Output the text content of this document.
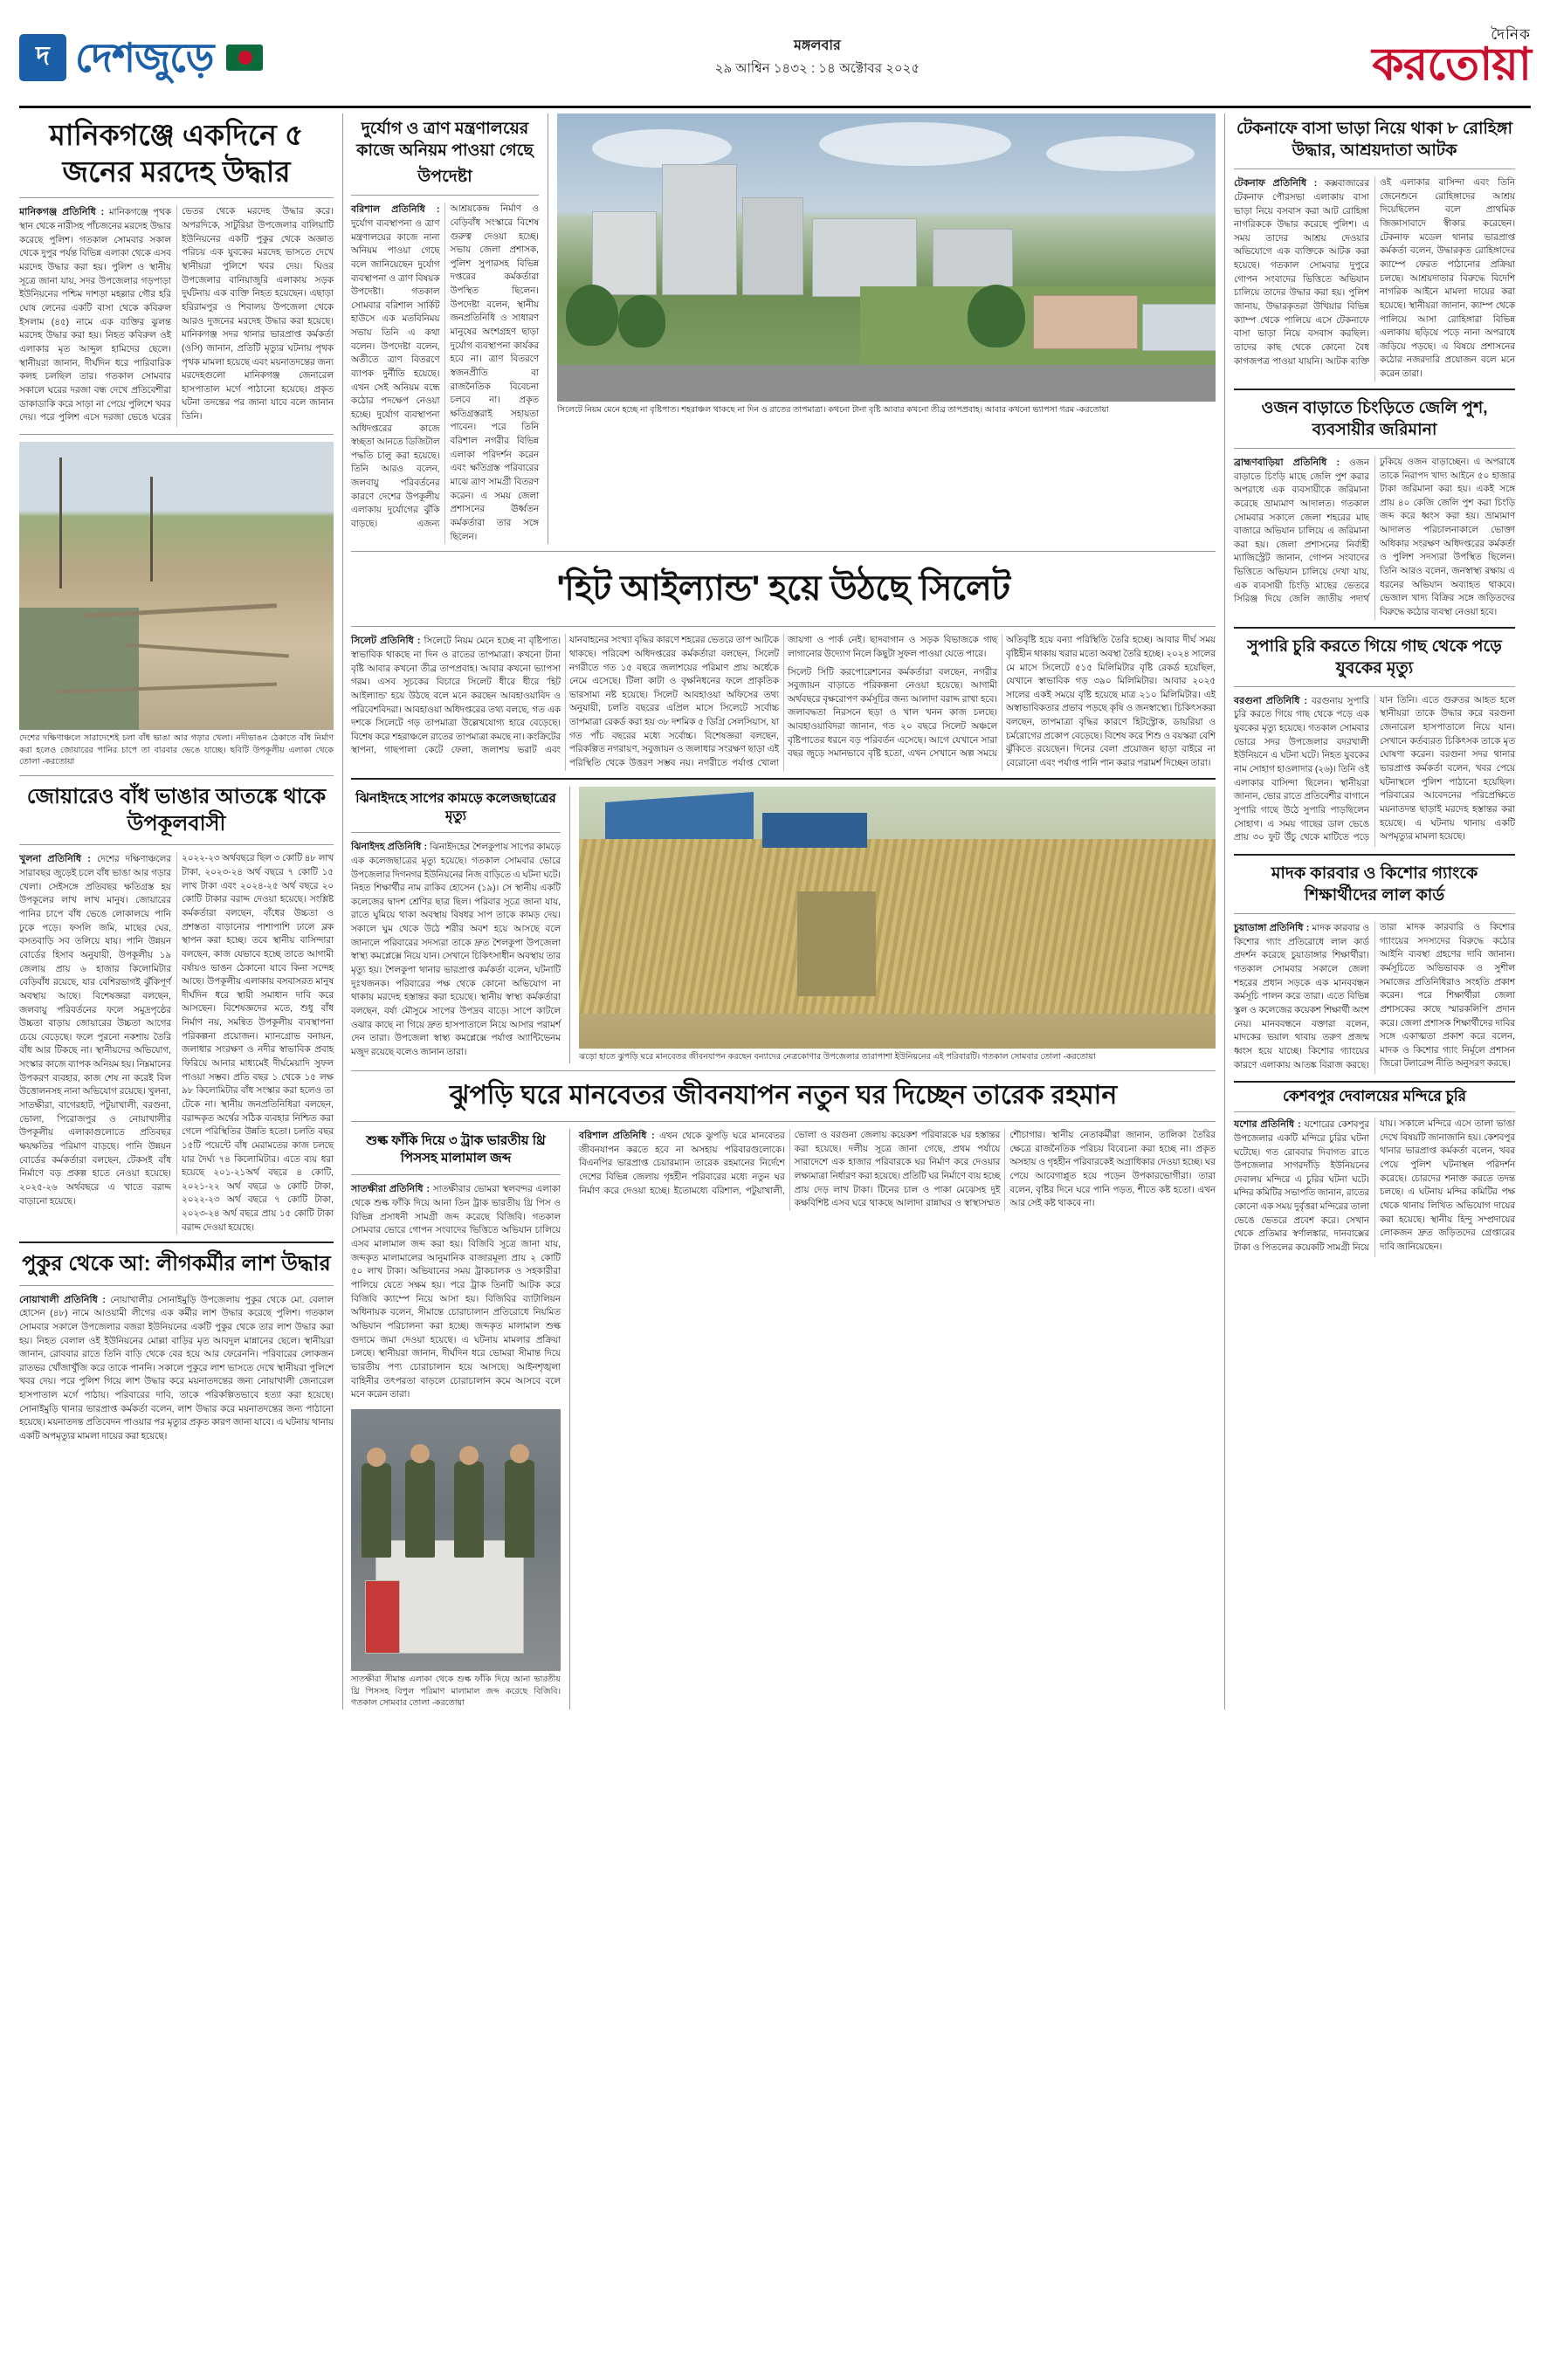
দ দেশজুড়ে	মঙ্গলবার
২৯ আশ্বিন ১৪৩২ : ১৪ অক্টোবর ২০২৫
দৈনিক
করতোয়া
মানিকগঞ্জে একদিনে ৫ জনের মরদেহ উদ্ধার

মানিকগঞ্জ প্রতিনিধি : মানিকগঞ্জে পৃথক স্থান থেকে নারীসহ পাঁচজনের মরদেহ উদ্ধার করেছে পুলিশ। গতকাল সোমবার সকাল থেকে দুপুর পর্যন্ত বিভিন্ন এলাকা থেকে এসব মরদেহ উদ্ধার করা হয়। পুলিশ ও স্থানীয় সূত্রে জানা যায়, সদর উপজেলার গড়পাড়া ইউনিয়নের পশ্চিম দাশড়া মহল্লার গৌর হরি ঘোষ লেনের একটি বাসা থেকে কবিরুল ইসলাম (৪৫) নামে এক ব্যক্তির ঝুলন্ত মরদেহ উদ্ধার করা হয়। নিহত কবিরুল ওই এলাকার মৃত আব্দুল হামিদের ছেলে। স্থানীয়রা জানান, দীর্ঘদিন ধরে পারিবারিক কলহ চলছিল তার। গতকাল সোমবার সকালে ঘরের দরজা বন্ধ দেখে প্রতিবেশীরা ডাকাডাকি করে সাড়া না পেয়ে পুলিশে খবর দেয়। পরে পুলিশ এসে দরজা ভেঙে ঘরের ভেতর থেকে মরদেহ উদ্ধার করে। অপরদিকে, সাটুরিয়া উপজেলার বালিয়াটি ইউনিয়নের একটি পুকুর থেকে অজ্ঞাত পরিচয় এক যুবকের মরদেহ ভাসতে দেখে স্থানীয়রা পুলিশে খবর দেয়। ঘিওর উপজেলার বানিয়াজুরি এলাকায় সড়ক দুর্ঘটনায় এক ব্যক্তি নিহত হয়েছেন। এছাড়া হরিরামপুর ও শিবালয় উপজেলা থেকে আরও দুজনের মরদেহ উদ্ধার করা হয়েছে। মানিকগঞ্জ সদর থানার ভারপ্রাপ্ত কর্মকর্তা (ওসি) জানান, প্রতিটি মৃত্যুর ঘটনায় পৃথক পৃথক মামলা হয়েছে এবং ময়নাতদন্তের জন্য মরদেহগুলো মানিকগঞ্জ জেনারেল হাসপাতাল মর্গে পাঠানো হয়েছে। প্রকৃত ঘটনা তদন্তের পর জানা যাবে বলে জানান তিনি।

দেশের দক্ষিণাঞ্চলে সারাদেশেই চলা বাঁধ ভাঙা আর গড়ার খেলা। নদীভাঙন ঠেকাতে বাঁধ নির্মাণ করা হলেও জোয়ারের পানির চাপে তা বারবার ভেঙে যাচ্ছে। ছবিটি উপকূলীয় এলাকা থেকে তোলা -করতোয়া
জোয়ারেও বাঁধ ভাঙার আতঙ্কে থাকে উপকূলবাসী

খুলনা প্রতিনিধি : দেশের দক্ষিণাঞ্চলের সারাবছর জুড়েই চলে বাঁধ ভাঙা আর গড়ার খেলা। সেইসঙ্গে প্রতিবছর ক্ষতিগ্রস্ত হয় উপকূলের লাখ লাখ মানুষ। জোয়ারের পানির চাপে বাঁধ ভেঙে লোকালয়ে পানি ঢুকে পড়ে। ফসলি জমি, মাছের ঘের, বসতবাড়ি সব তলিয়ে যায়। পানি উন্নয়ন বোর্ডের হিসাব অনুযায়ী, উপকূলীয় ১৯ জেলায় প্রায় ৬ হাজার কিলোমিটার বেড়িবাঁধ রয়েছে, যার বেশিরভাগই ঝুঁকিপূর্ণ অবস্থায় আছে। বিশেষজ্ঞরা বলছেন, জলবায়ু পরিবর্তনের ফলে সমুদ্রপৃষ্ঠের উচ্চতা বাড়ায় জোয়ারের উচ্চতা আগের চেয়ে বেড়েছে। ফলে পুরনো নকশায় তৈরি বাঁধ আর টিকছে না। স্থানীয়দের অভিযোগ, সংস্কার কাজে ব্যাপক অনিয়ম হয়। নিম্নমানের উপকরণ ব্যবহার, কাজ শেষ না করেই বিল উত্তোলনসহ নানা অভিযোগ রয়েছে। খুলনা, সাতক্ষীরা, বাগেরহাট, পটুয়াখালী, বরগুনা, ভোলা, পিরোজপুর ও নোয়াখালীর উপকূলীয় এলাকাগুলোতে প্রতিবছর ক্ষয়ক্ষতির পরিমাণ বাড়ছে। পানি উন্নয়ন বোর্ডের কর্মকর্তারা বলছেন, টেকসই বাঁধ নির্মাণে বড় প্রকল্প হাতে নেওয়া হয়েছে। ২০২৫-২৬ অর্থবছরে এ খাতে বরাদ্দ বাড়ানো হয়েছে।

২০২২-২৩ অর্থবছরে ছিল ৩ কোটি ৪৮ লাখ টাকা, ২০২৩-২৪ অর্থ বছরে ৭ কোটি ১৫ লাখ টাকা এবং ২০২৪-২৫ অর্থ বছরে ২০ কোটি টাকার বরাদ্দ দেওয়া হয়েছে। সংশ্লিষ্ট কর্মকর্তারা বলছেন, বাঁধের উচ্চতা ও প্রশস্ততা বাড়ানোর পাশাপাশি ঢালে ব্লক স্থাপন করা হচ্ছে। তবে স্থানীয় বাসিন্দারা বলছেন, কাজ যেভাবে হচ্ছে তাতে আগামী বর্ষায়ও ভাঙন ঠেকানো যাবে কিনা সন্দেহ আছে। উপকূলীয় এলাকায় বসবাসরত মানুষ দীর্ঘদিন ধরে স্থায়ী সমাধান দাবি করে আসছেন। বিশেষজ্ঞদের মতে, শুধু বাঁধ নির্মাণ নয়, সমন্বিত উপকূলীয় ব্যবস্থাপনা পরিকল্পনা প্রয়োজন। ম্যানগ্রোভ বনায়ন, জলাধার সংরক্ষণ ও নদীর স্বাভাবিক প্রবাহ ফিরিয়ে আনার মাধ্যমেই দীর্ঘমেয়াদি সুফল পাওয়া সম্ভব। প্রতি বছর ১ থেকে ১৫ লক্ষ ৯৮ কিলোমিটার বাঁধ সংস্কার করা হলেও তা টেকে না। স্থানীয় জনপ্রতিনিধিরা বলছেন, বরাদ্দকৃত অর্থের সঠিক ব্যবহার নিশ্চিত করা গেলে পরিস্থিতির উন্নতি হতো। চলতি বছর ১৫টি পয়েন্টে বাঁধ মেরামতের কাজ চলছে যার দৈর্ঘ্য ৭৪ কিলোমিটার। এতে ব্যয় ধরা হয়েছে ২০১-২১অর্থ বছরে ৪ কোটি, ২০২১-২২ অর্থ বছরে ৬ কোটি টাকা, ২০২২-২৩ অর্থ বছরে ৭ কোটি টাকা, ২০২৩-২৪ অর্থ বছরে প্রায় ১৫ কোটি টাকা বরাদ্দ দেওয়া হয়েছে।

পুকুর থেকে আ: লীগকর্মীর লাশ উদ্ধার

নোয়াখালী প্রতিনিধি : নোয়াখালীর সোনাইমুড়ি উপজেলায় পুকুর থেকে মো. বেলাল হোসেন (৪৮) নামে আওয়ামী লীগের এক কর্মীর লাশ উদ্ধার করেছে পুলিশ। গতকাল সোমবার সকালে উপজেলার বজরা ইউনিয়নের একটি পুকুর থেকে তার লাশ উদ্ধার করা হয়। নিহত বেলাল ওই ইউনিয়নের মোল্লা বাড়ির মৃত আবদুল মান্নানের ছেলে। স্থানীয়রা জানান, রোববার রাতে তিনি বাড়ি থেকে বের হয়ে আর ফেরেননি। পরিবারের লোকজন রাতভর খোঁজাখুঁজি করে তাকে পাননি। সকালে পুকুরে লাশ ভাসতে দেখে স্থানীয়রা পুলিশে খবর দেয়। পরে পুলিশ গিয়ে লাশ উদ্ধার করে ময়নাতদন্তের জন্য নোয়াখালী জেনারেল হাসপাতাল মর্গে পাঠায়। পরিবারের দাবি, তাকে পরিকল্পিতভাবে হত্যা করা হয়েছে। সোনাইমুড়ি থানার ভারপ্রাপ্ত কর্মকর্তা বলেন, লাশ উদ্ধার করে ময়নাতদন্তের জন্য পাঠানো হয়েছে। ময়নাতদন্ত প্রতিবেদন পাওয়ার পর মৃত্যুর প্রকৃত কারণ জানা যাবে। এ ঘটনায় থানায় একটি অপমৃত্যুর মামলা দায়ের করা হয়েছে।

দুর্যোগ ও ত্রাণ মন্ত্রণালয়ের কাজে অনিয়ম পাওয়া গেছে
উপদেষ্টা

বরিশাল প্রতিনিধি : দুর্যোগ ব্যবস্থাপনা ও ত্রাণ মন্ত্রণালয়ের কাজে নানা অনিয়ম পাওয়া গেছে বলে জানিয়েছেন দুর্যোগ ব্যবস্থাপনা ও ত্রাণ বিষয়ক উপদেষ্টা। গতকাল সোমবার বরিশাল সার্কিট হাউসে এক মতবিনিময় সভায় তিনি এ কথা বলেন। উপদেষ্টা বলেন, অতীতে ত্রাণ বিতরণে ব্যাপক দুর্নীতি হয়েছে। এখন সেই অনিয়ম বন্ধে কঠোর পদক্ষেপ নেওয়া হচ্ছে। দুর্যোগ ব্যবস্থাপনা অধিদপ্তরের কাজে স্বচ্ছতা আনতে ডিজিটাল পদ্ধতি চালু করা হয়েছে। তিনি আরও বলেন, জলবায়ু পরিবর্তনের কারণে দেশের উপকূলীয় এলাকায় দুর্যোগের ঝুঁকি বাড়ছে। এজন্য আশ্রয়কেন্দ্র নির্মাণ ও বেড়িবাঁধ সংস্কারে বিশেষ গুরুত্ব দেওয়া হচ্ছে। সভায় জেলা প্রশাসক, পুলিশ সুপারসহ বিভিন্ন দপ্তরের কর্মকর্তারা উপস্থিত ছিলেন। উপদেষ্টা বলেন, স্থানীয় জনপ্রতিনিধি ও সাধারণ মানুষের অংশগ্রহণ ছাড়া দুর্যোগ ব্যবস্থাপনা কার্যকর হবে না। ত্রাণ বিতরণে স্বজনপ্রীতি বা রাজনৈতিক বিবেচনা চলবে না। প্রকৃত ক্ষতিগ্রস্তরাই সহায়তা পাবেন। পরে তিনি বরিশাল নগরীর বিভিন্ন এলাকা পরিদর্শন করেন এবং ক্ষতিগ্রস্ত পরিবারের মাঝে ত্রাণ সামগ্রী বিতরণ করেন। এ সময় জেলা প্রশাসনের ঊর্ধ্বতন কর্মকর্তারা তার সঙ্গে ছিলেন।

সিলেটে নিয়ম মেনে হচ্ছে না বৃষ্টিপাত। শহরাঞ্চল থাকছে না দিন ও রাতের তাপমাত্রা। কথনো টানা বৃষ্টি আবার কখনো তীব্র তাপপ্রবাহ। আবার কখনো ভ্যাপসা গরম -করতোয়া
'হিট আইল্যান্ড' হয়ে উঠছে সিলেট

সিলেট প্রতিনিধি : সিলেটে নিয়ম মেনে হচ্ছে না বৃষ্টিপাত। স্বাভাবিক থাকছে না দিন ও রাতের তাপমাত্রা। কখনো টানা বৃষ্টি আবার কখনো তীব্র তাপপ্রবাহ। আবার কখনো ভ্যাপসা গরম। এসব সূচকের বিচারে সিলেট ধীরে ধীরে 'হিট আইল্যান্ড' হয়ে উঠছে বলে মনে করছেন আবহাওয়াবিদ ও পরিবেশবিদরা। আবহাওয়া অধিদপ্তরের তথ্য বলছে, গত এক দশকে সিলেটে গড় তাপমাত্রা উল্লেখযোগ্য হারে বেড়েছে। বিশেষ করে শহরাঞ্চলে রাতের তাপমাত্রা কমছে না। কংক্রিটের স্থাপনা, গাছপালা কেটে ফেলা, জলাশয় ভরাট এবং যানবাহনের সংখ্যা বৃদ্ধির কারণে শহরের ভেতরে তাপ আটকে থাকছে। পরিবেশ অধিদপ্তরের কর্মকর্তারা বলছেন, সিলেট নগরীতে গত ১৫ বছরে জলাশয়ের পরিমাণ প্রায় অর্ধেকে নেমে এসেছে। টিলা কাটা ও বৃক্ষনিধনের ফলে প্রাকৃতিক ভারসাম্য নষ্ট হয়েছে। সিলেট আবহাওয়া অফিসের তথ্য অনুযায়ী, চলতি বছরের এপ্রিল মাসে সিলেটে সর্বোচ্চ তাপমাত্রা রেকর্ড করা হয় ৩৮ দশমিক ৫ ডিগ্রি সেলসিয়াস, যা গত পাঁচ বছরের মধ্যে সর্বোচ্চ। বিশেষজ্ঞরা বলছেন, পরিকল্পিত নগরায়ণ, সবুজায়ন ও জলাধার সংরক্ষণ ছাড়া এই পরিস্থিতি থেকে উত্তরণ সম্ভব নয়। নগরীতে পর্যাপ্ত খোলা জায়গা ও পার্ক নেই। ছাদবাগান ও সড়ক বিভাজকে গাছ লাগানোর উদ্যোগ নিলে কিছুটা সুফল পাওয়া যেতে পারে।

সিলেট সিটি করপোরেশনের কর্মকর্তারা বলছেন, নগরীর সবুজায়ন বাড়াতে পরিকল্পনা নেওয়া হয়েছে। আগামী অর্থবছরে বৃক্ষরোপণ কর্মসূচির জন্য আলাদা বরাদ্দ রাখা হবে। জলাবদ্ধতা নিরসনে ছড়া ও খাল খনন কাজ চলছে। আবহাওয়াবিদরা জানান, গত ২০ বছরে সিলেট অঞ্চলে বৃষ্টিপাতের ধরনে বড় পরিবর্তন এসেছে। আগে যেখানে সারা বছর জুড়ে সমানভাবে বৃষ্টি হতো, এখন সেখানে অল্প সময়ে অতিবৃষ্টি হয়ে বন্যা পরিস্থিতি তৈরি হচ্ছে। আবার দীর্ঘ সময় বৃষ্টিহীন থাকায় খরার মতো অবস্থা তৈরি হচ্ছে। ২০২৪ সালের মে মাসে সিলেটে ৫১৫ মিলিমিটার বৃষ্টি রেকর্ড হয়েছিল, যেখানে স্বাভাবিক গড় ৩৯০ মিলিমিটার। আবার ২০২৫ সালের একই সময়ে বৃষ্টি হয়েছে মাত্র ২১০ মিলিমিটার। এই অস্বাভাবিকতার প্রভাব পড়ছে কৃষি ও জনস্বাস্থ্যে। চিকিৎসকরা বলছেন, তাপমাত্রা বৃদ্ধির কারণে হিটস্ট্রোক, ডায়রিয়া ও চর্মরোগের প্রকোপ বেড়েছে। বিশেষ করে শিশু ও বয়স্করা বেশি ঝুঁকিতে রয়েছেন। দিনের বেলা প্রয়োজন ছাড়া বাইরে না বেরোনো এবং পর্যাপ্ত পানি পান করার পরামর্শ দিচ্ছেন তারা।

ঝিনাইদহে সাপের কামড়ে কলেজছাত্রের মৃত্যু

ঝিনাইদহ প্রতিনিধি : ঝিনাইদহের শৈলকুপায় সাপের কামড়ে এক কলেজছাত্রের মৃত্যু হয়েছে। গতকাল সোমবার ভোরে উপজেলার দিগনগর ইউনিয়নের নিজ বাড়িতে এ ঘটনা ঘটে। নিহত শিক্ষার্থীর নাম রাকিব হোসেন (১৯)। সে স্থানীয় একটি কলেজের দ্বাদশ শ্রেণির ছাত্র ছিল। পরিবার সূত্রে জানা যায়, রাতে ঘুমিয়ে থাকা অবস্থায় বিষধর সাপ তাকে কামড় দেয়। সকালে ঘুম থেকে উঠে শরীর অবশ হয়ে আসছে বলে জানালে পরিবারের সদস্যরা তাকে দ্রুত শৈলকুপা উপজেলা স্বাস্থ্য কমপ্লেক্সে নিয়ে যান। সেখানে চিকিৎসাধীন অবস্থায় তার মৃত্যু হয়। শৈলকুপা থানার ভারপ্রাপ্ত কর্মকর্তা বলেন, ঘটনাটি দুঃখজনক। পরিবারের পক্ষ থেকে কোনো অভিযোগ না থাকায় মরদেহ হস্তান্তর করা হয়েছে। স্থানীয় স্বাস্থ্য কর্মকর্তারা বলছেন, বর্ষা মৌসুমে সাপের উপদ্রব বাড়ে। সাপে কাটলে ওঝার কাছে না গিয়ে দ্রুত হাসপাতালে নিয়ে আসার পরামর্শ দেন তারা। উপজেলা স্বাস্থ্য কমপ্লেক্সে পর্যাপ্ত অ্যান্টিভেনম মজুদ রয়েছে বলেও জানান তারা।	ঝড়ো হাতে ঝুপড়ি ঘরে মানবেতর জীবনযাপন করছেন বন্যাদের নেত্রকোণার উপজেলার তারাপাশা ইউনিয়নের এই পরিবারটি। গতকাল সোমবার তোলা -করতোয়া
ঝুপড়ি ঘরে মানবেতর জীবনযাপন নতুন ঘর দিচ্ছেন তারেক রহমান
শুল্ক ফাঁকি দিয়ে ৩ ট্রাক ভারতীয় থ্রি পিসসহ মালামাল জব্দ

সাতক্ষীরা প্রতিনিধি : সাতক্ষীরার ভোমরা স্থলবন্দর এলাকা থেকে শুল্ক ফাঁকি দিয়ে আনা তিন ট্রাক ভারতীয় থ্রি পিস ও বিভিন্ন প্রসাধনী সামগ্রী জব্দ করেছে বিজিবি। গতকাল সোমবার ভোরে গোপন সংবাদের ভিত্তিতে অভিযান চালিয়ে এসব মালামাল জব্দ করা হয়। বিজিবি সূত্রে জানা যায়, জব্দকৃত মালামালের আনুমানিক বাজারমূল্য প্রায় ২ কোটি ৫০ লাখ টাকা। অভিযানের সময় ট্রাকচালক ও সহকারীরা পালিয়ে যেতে সক্ষম হয়। পরে ট্রাক তিনটি আটক করে বিজিবি ক্যাম্পে নিয়ে আসা হয়। বিজিবির ব্যাটালিয়ন অধিনায়ক বলেন, সীমান্তে চোরাচালান প্রতিরোধে নিয়মিত অভিযান পরিচালনা করা হচ্ছে। জব্দকৃত মালামাল শুল্ক গুদামে জমা দেওয়া হয়েছে। এ ঘটনায় মামলার প্রক্রিয়া চলছে। স্থানীয়রা জানান, দীর্ঘদিন ধরে ভোমরা সীমান্ত দিয়ে ভারতীয় পণ্য চোরাচালান হয়ে আসছে। আইনশৃঙ্খলা বাহিনীর তৎপরতা বাড়লে চোরাচালান কমে আসবে বলে মনে করেন তারা।

সাতক্ষীরা সীমান্ত এলাকা থেকে শুল্ক ফাঁকি দিয়ে আনা ভারতীয় থ্রি পিসসহ বিপুল পরিমাণ মালামাল জব্দ করেছে বিজিবি। গতকাল সোমবার তোলা -করতোয়া

বরিশাল প্রতিনিধি : এখন থেকে ঝুপড়ি ঘরে মানবেতর জীবনযাপন করতে হবে না অসহায় পরিবারগুলোকে। বিএনপির ভারপ্রাপ্ত চেয়ারম্যান তারেক রহমানের নির্দেশে দেশের বিভিন্ন জেলায় গৃহহীন পরিবারের মধ্যে নতুন ঘর নির্মাণ করে দেওয়া হচ্ছে। ইতোমধ্যে বরিশাল, পটুয়াখালী, ভোলা ও বরগুনা জেলায় কয়েকশ পরিবারকে ঘর হস্তান্তর করা হয়েছে। দলীয় সূত্রে জানা গেছে, প্রথম পর্যায়ে সারাদেশে এক হাজার পরিবারকে ঘর নির্মাণ করে দেওয়ার লক্ষ্যমাত্রা নির্ধারণ করা হয়েছে। প্রতিটি ঘর নির্মাণে ব্যয় হচ্ছে প্রায় দেড় লাখ টাকা। টিনের চাল ও পাকা মেঝেসহ দুই কক্ষবিশিষ্ট এসব ঘরে থাকছে আলাদা রান্নাঘর ও স্বাস্থ্যসম্মত শৌচাগার। স্থানীয় নেতাকর্মীরা জানান, তালিকা তৈরির ক্ষেত্রে রাজনৈতিক পরিচয় বিবেচনা করা হচ্ছে না। প্রকৃত অসহায় ও গৃহহীন পরিবারকেই অগ্রাধিকার দেওয়া হচ্ছে। ঘর পেয়ে আবেগাপ্লুত হয়ে পড়েন উপকারভোগীরা। তারা বলেন, বৃষ্টির দিনে ঘরে পানি পড়ত, শীতে কষ্ট হতো। এখন আর সেই কষ্ট থাকবে না।

টেকনাফে বাসা ভাড়া নিয়ে থাকা ৮ রোহিঙ্গা উদ্ধার, আশ্রয়দাতা আটক

টেকনাফ প্রতিনিধি : কক্সবাজারের টেকনাফ পৌরসভা এলাকায় বাসা ভাড়া নিয়ে বসবাস করা আট রোহিঙ্গা নাগরিককে উদ্ধার করেছে পুলিশ। এ সময় তাদের আশ্রয় দেওয়ার অভিযোগে এক ব্যক্তিকে আটক করা হয়েছে। গতকাল সোমবার দুপুরে গোপন সংবাদের ভিত্তিতে অভিযান চালিয়ে তাদের উদ্ধার করা হয়। পুলিশ জানায়, উদ্ধারকৃতরা উখিয়ার বিভিন্ন ক্যাম্প থেকে পালিয়ে এসে টেকনাফে বাসা ভাড়া নিয়ে বসবাস করছিল। তাদের কাছ থেকে কোনো বৈধ কাগজপত্র পাওয়া যায়নি। আটক ব্যক্তি ওই এলাকার বাসিন্দা এবং তিনি জেনেশুনে রোহিঙ্গাদের আশ্রয় দিয়েছিলেন বলে প্রাথমিক জিজ্ঞাসাবাদে স্বীকার করেছেন। টেকনাফ মডেল থানার ভারপ্রাপ্ত কর্মকর্তা বলেন, উদ্ধারকৃত রোহিঙ্গাদের ক্যাম্পে ফেরত পাঠানোর প্রক্রিয়া চলছে। আশ্রয়দাতার বিরুদ্ধে বিদেশি নাগরিক আইনে মামলা দায়ের করা হয়েছে। স্থানীয়রা জানান, ক্যাম্প থেকে পালিয়ে আসা রোহিঙ্গারা বিভিন্ন এলাকায় ছড়িয়ে পড়ে নানা অপরাধে জড়িয়ে পড়ছে। এ বিষয়ে প্রশাসনের কঠোর নজরদারি প্রয়োজন বলে মনে করেন তারা।

ওজন বাড়াতে চিংড়িতে জেলি পুশ, ব্যবসায়ীর জরিমানা

ব্রাহ্মণবাড়িয়া প্রতিনিধি : ওজন বাড়াতে চিংড়ি মাছে জেলি পুশ করার অপরাধে এক ব্যবসায়ীকে জরিমানা করেছে ভ্রাম্যমাণ আদালত। গতকাল সোমবার সকালে জেলা শহরের মাছ বাজারে অভিযান চালিয়ে এ জরিমানা করা হয়। জেলা প্রশাসনের নির্বাহী ম্যাজিস্ট্রেট জানান, গোপন সংবাদের ভিত্তিতে অভিযান চালিয়ে দেখা যায়, এক ব্যবসায়ী চিংড়ি মাছের ভেতরে সিরিঞ্জ দিয়ে জেলি জাতীয় পদার্থ ঢুকিয়ে ওজন বাড়াচ্ছেন। এ অপরাধে তাকে নিরাপদ খাদ্য আইনে ৫০ হাজার টাকা জরিমানা করা হয়। একই সঙ্গে প্রায় ৪০ কেজি জেলি পুশ করা চিংড়ি জব্দ করে ধ্বংস করা হয়। ভ্রাম্যমাণ আদালত পরিচালনাকালে ভোক্তা অধিকার সংরক্ষণ অধিদপ্তরের কর্মকর্তা ও পুলিশ সদস্যরা উপস্থিত ছিলেন। তিনি আরও বলেন, জনস্বাস্থ্য রক্ষায় এ ধরনের অভিযান অব্যাহত থাকবে। ভেজাল খাদ্য বিক্রির সঙ্গে জড়িতদের বিরুদ্ধে কঠোর ব্যবস্থা নেওয়া হবে।

সুপারি চুরি করতে গিয়ে গাছ থেকে পড়ে যুবকের মৃত্যু

বরগুনা প্রতিনিধি : বরগুনায় সুপারি চুরি করতে গিয়ে গাছ থেকে পড়ে এক যুবকের মৃত্যু হয়েছে। গতকাল সোমবার ভোরে সদর উপজেলার বদরখালী ইউনিয়নে এ ঘটনা ঘটে। নিহত যুবকের নাম সোহাগ হাওলাদার (২৬)। তিনি ওই এলাকার বাসিন্দা ছিলেন। স্থানীয়রা জানান, ভোর রাতে প্রতিবেশীর বাগানে সুপারি গাছে উঠে সুপারি পাড়ছিলেন সোহাগ। এ সময় গাছের ডাল ভেঙে প্রায় ৩০ ফুট উঁচু থেকে মাটিতে পড়ে যান তিনি। এতে গুরুতর আহত হলে স্থানীয়রা তাকে উদ্ধার করে বরগুনা জেনারেল হাসপাতালে নিয়ে যান। সেখানে কর্তব্যরত চিকিৎসক তাকে মৃত ঘোষণা করেন। বরগুনা সদর থানার ভারপ্রাপ্ত কর্মকর্তা বলেন, খবর পেয়ে ঘটনাস্থলে পুলিশ পাঠানো হয়েছিল। পরিবারের আবেদনের পরিপ্রেক্ষিতে ময়নাতদন্ত ছাড়াই মরদেহ হস্তান্তর করা হয়েছে। এ ঘটনায় থানায় একটি অপমৃত্যুর মামলা হয়েছে।

মাদক কারবার ও কিশোর গ্যাংকে শিক্ষার্থীদের লাল কার্ড

চুয়াডাঙ্গা প্রতিনিধি : মাদক কারবার ও কিশোর গ্যাং প্রতিরোধে লাল কার্ড প্রদর্শন করেছে চুয়াডাঙ্গার শিক্ষার্থীরা। গতকাল সোমবার সকালে জেলা শহরের প্রধান সড়কে এক মানববন্ধন কর্মসূচি পালন করে তারা। এতে বিভিন্ন স্কুল ও কলেজের কয়েকশ শিক্ষার্থী অংশ নেয়। মানববন্ধনে বক্তারা বলেন, মাদকের ভয়াল থাবায় তরুণ প্রজন্ম ধ্বংস হয়ে যাচ্ছে। কিশোর গ্যাংয়ের কারণে এলাকায় আতঙ্ক বিরাজ করছে। তারা মাদক কারবারি ও কিশোর গ্যাংয়ের সদস্যদের বিরুদ্ধে কঠোর আইনি ব্যবস্থা গ্রহণের দাবি জানান। কর্মসূচিতে অভিভাবক ও সুশীল সমাজের প্রতিনিধিরাও সংহতি প্রকাশ করেন। পরে শিক্ষার্থীরা জেলা প্রশাসকের কাছে স্মারকলিপি প্রদান করে। জেলা প্রশাসক শিক্ষার্থীদের দাবির সঙ্গে একাত্মতা প্রকাশ করে বলেন, মাদক ও কিশোর গ্যাং নির্মূলে প্রশাসন জিরো টলারেন্স নীতি অনুসরণ করছে।

কেশবপুর দেবালয়ের মন্দিরে চুরি

যশোর প্রতিনিধি : যশোরের কেশবপুর উপজেলার একটি মন্দিরে চুরির ঘটনা ঘটেছে। গত রোববার দিবাগত রাতে উপজেলার সাগরদাঁড়ি ইউনিয়নের দেবালয় মন্দিরে এ চুরির ঘটনা ঘটে। মন্দির কমিটির সভাপতি জানান, রাতের কোনো এক সময় দুর্বৃত্তরা মন্দিরের তালা ভেঙে ভেতরে প্রবেশ করে। সেখান থেকে প্রতিমার স্বর্ণালঙ্কার, দানবাক্সের টাকা ও পিতলের কয়েকটি সামগ্রী নিয়ে যায়। সকালে মন্দিরে এসে তালা ভাঙা দেখে বিষয়টি জানাজানি হয়। কেশবপুর থানার ভারপ্রাপ্ত কর্মকর্তা বলেন, খবর পেয়ে পুলিশ ঘটনাস্থল পরিদর্শন করেছে। চোরদের শনাক্ত করতে তদন্ত চলছে। এ ঘটনায় মন্দির কমিটির পক্ষ থেকে থানায় লিখিত অভিযোগ দায়ের করা হয়েছে। স্থানীয় হিন্দু সম্প্রদায়ের লোকজন দ্রুত জড়িতদের গ্রেপ্তারের দাবি জানিয়েছেন।
